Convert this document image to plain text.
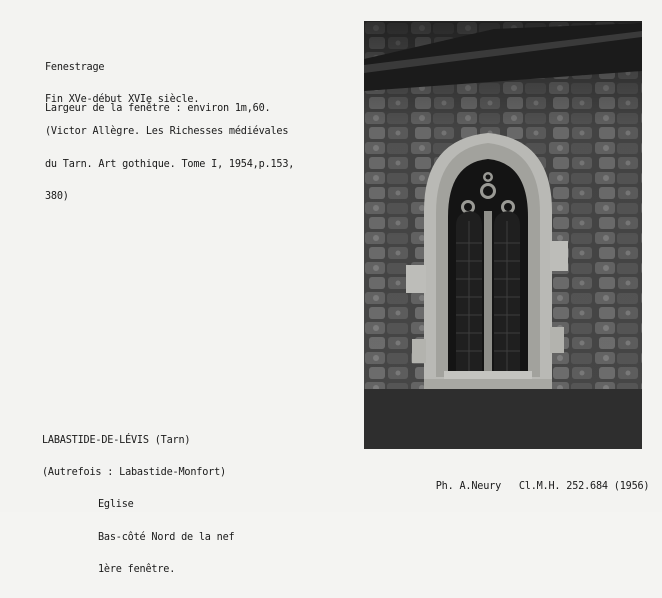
Fenestrage

Fin XVe-début XVIe siècle.

(Victor Allègre. Les Richesses médiévales

du Tarn. Art gothique. Tome I, 1954,p.153,

380)

Largeur de la fenêtre : environ 1m,60.

LABASTIDE-DE-LÉVIS (Tarn)

(Autrefois : Labastide-Monfort)

Eglise

Bas-côté Nord de la nef

1ère fenêtre.

Ph. A.Neury Cl.M.H. 252.684 (1956)
